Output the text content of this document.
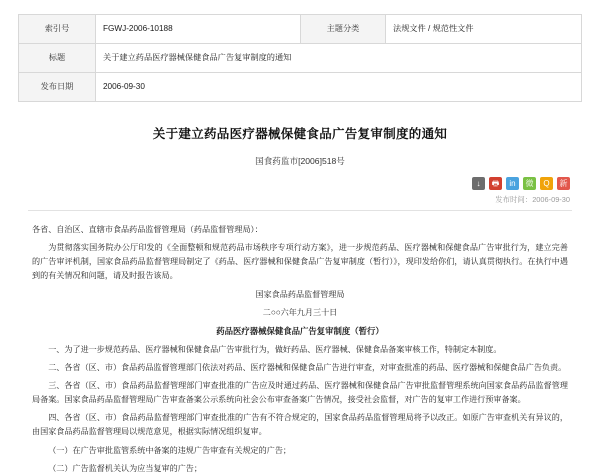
索引号	FGWJ-2006-10188	主题分类	法规文件 / 规范性文件
标题	关于建立药品医疗器械保健食品广告复审制度的通知		
发布日期	2006-09-30		
关于建立药品医疗器械保健食品广告复审制度的通知
国食药监市[2006]518号
↓	🖶	in	微	Q	新
发布时间：2006-09-30

各省、自治区、直辖市食品药品监督管理局（药品监督管理局）：

为贯彻落实国务院办公厅印发的《全面整顿和规范药品市场秩序专项行动方案》，进一步规范药品、医疗器械和保健食品广告审批行为，建立完善的广告审评机制，国家食品药品监督管理局制定了《药品、医疗器械和保健食品广告复审制度（暂行）》，现印发给你们，请认真贯彻执行。在执行中遇到的有关情况和问题，请及时报告该局。

国家食品药品监督管理局

二○○六年九月三十日

药品医疗器械保健食品广告复审制度（暂行）

一、为了进一步规范药品、医疗器械和保健食品广告审批行为，做好药品、医疗器械、保健食品备案审核工作，特制定本制度。

二、各省（区、市）食品药品监督管理部门依法对药品、医疗器械和保健食品广告进行审查，对审查批准的药品、医疗器械和保健食品广告负责。

三、各省（区、市）食品药品监督管理部门审查批准的广告应及时通过药品、医疗器械和保健食品广告审批监督管理系统向国家食品药品监督管理局备案。国家食品药品监督管理局广告审查备案公示系统向社会公布审查备案广告情况，接受社会监督，对广告的复审工作进行预审备案。

四、各省（区、市）食品药品监督管理部门审查批准的广告有不符合规定的，国家食品药品监督管理局将予以改正。如原广告审查机关有异议的，由国家食品药品监督管理局以规范意见，根据实际情况组织复审。

（一）在广告审批监管系统中备案的违规广告审查有关规定的广告；

（二）广告监督机关认为应当复审的广告；
